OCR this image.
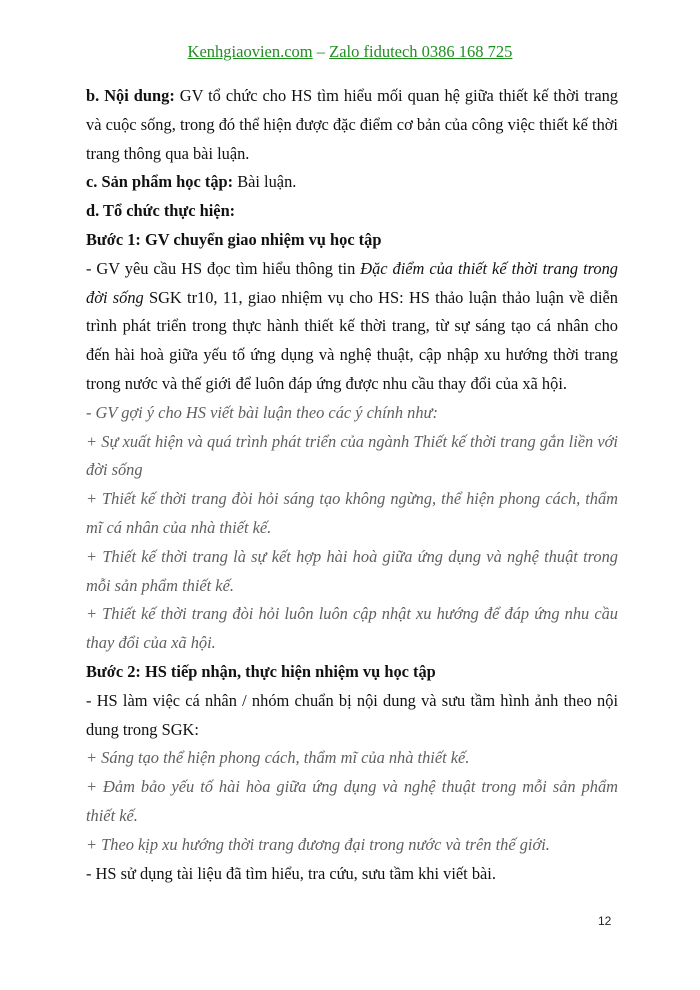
Kenhgiaovien.com – Zalo fidutech 0386 168 725

b. Nội dung: GV tổ chức cho HS tìm hiểu mối quan hệ giữa thiết kế thời trang và cuộc sống, trong đó thể hiện được đặc điểm cơ bản của công việc thiết kế thời trang thông qua bài luận.

c. Sản phẩm học tập: Bài luận.

d. Tổ chức thực hiện:

Bước 1: GV chuyển giao nhiệm vụ học tập

- GV yêu cầu HS đọc tìm hiểu thông tin Đặc điểm của thiết kế thời trang trong đời sống SGK tr10, 11, giao nhiệm vụ cho HS: HS thảo luận thảo luận về diễn trình phát triển trong thực hành thiết kế thời trang, từ sự sáng tạo cá nhân cho đến hài hoà giữa yếu tố ứng dụng và nghệ thuật, cập nhập xu hướng thời trang trong nước và thế giới để luôn đáp ứng được nhu cầu thay đổi của xã hội.

- GV gợi ý cho HS viết bài luận theo các ý chính như:

+ Sự xuất hiện và quá trình phát triển của ngành Thiết kế thời trang gắn liền với đời sống

+ Thiết kế thời trang đòi hỏi sáng tạo không ngừng, thể hiện phong cách, thẩm mĩ cá nhân của nhà thiết kế.

+ Thiết kế thời trang là sự kết hợp hài hoà giữa ứng dụng và nghệ thuật trong mỗi sản phẩm thiết kế.

+ Thiết kế thời trang đòi hỏi luôn luôn cập nhật xu hướng để đáp ứng nhu cầu thay đổi của xã hội.

Bước 2: HS tiếp nhận, thực hiện nhiệm vụ học tập

- HS làm việc cá nhân / nhóm chuẩn bị nội dung và sưu tầm hình ảnh theo nội dung trong SGK:

+ Sáng tạo thể hiện phong cách, thẩm mĩ của nhà thiết kế.

+ Đảm bảo yếu tố hài hòa giữa ứng dụng và nghệ thuật trong mỗi sản phẩm thiết kế.

+ Theo kịp xu hướng thời trang đương đại trong nước và trên thế giới.

- HS sử dụng tài liệu đã tìm hiểu, tra cứu, sưu tầm khi viết bài.

12
